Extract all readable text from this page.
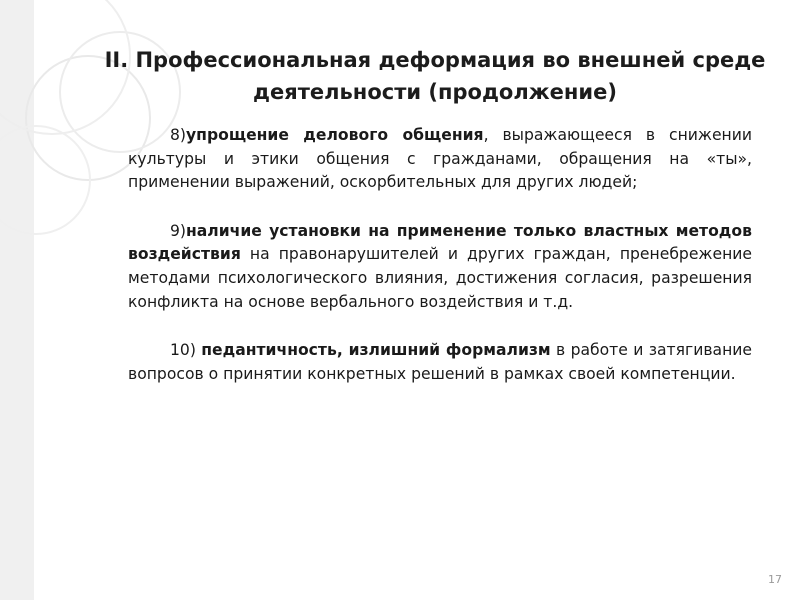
II. Профессиональная деформация во внешней среде деятельности (продолжение)

8)упрощение делового общения, выражающееся в снижении культуры и этики общения с гражданами, обращения на «ты», применении выражений, оскорбительных для других людей;

9)наличие установки на применение только властных методов воздействия на правонарушителей и других граждан, пренебрежение методами психологического влияния, достижения согласия, разрешения конфликта на основе вербального воздействия и т.д.

10) педантичность, излишний формализм в работе и затягивание вопросов о принятии конкретных решений в рамках своей компетенции.

17
